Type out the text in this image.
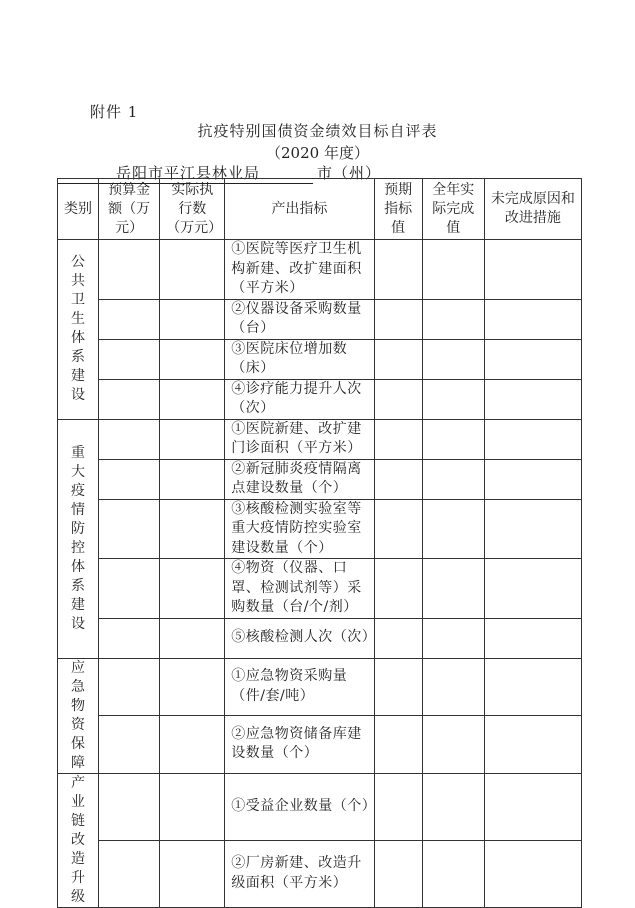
附件 1
抗疫特别国债资金绩效目标自评表
（2020 年度）
岳阳市平江县林业局	市（州）
类别	预算金额（万元）	实际执行数（万元）	产出指标	预期指标值	全年实际完成值	未完成原因和改进措施
公共卫生体系建设			①医院等医疗卫生机构新建、改扩建面积（平方米）			
			②仪器设备采购数量（台）			
			③医院床位增加数（床）			
			④诊疗能力提升人次（次）			
重大疫情防控体系建设			①医院新建、改扩建门诊面积（平方米）			
			②新冠肺炎疫情隔离点建设数量（个）			
			③核酸检测实验室等重大疫情防控实验室建设数量（个）			
			④物资（仪器、口罩、检测试剂等）采购数量（台/个/剂）			
			⑤核酸检测人次（次）			
应急物资保障			①应急物资采购量（件/套/吨）			
			②应急物资储备库建设数量（个）			
产业链改造升级			①受益企业数量（个）			
			②厂房新建、改造升级面积（平方米）			
